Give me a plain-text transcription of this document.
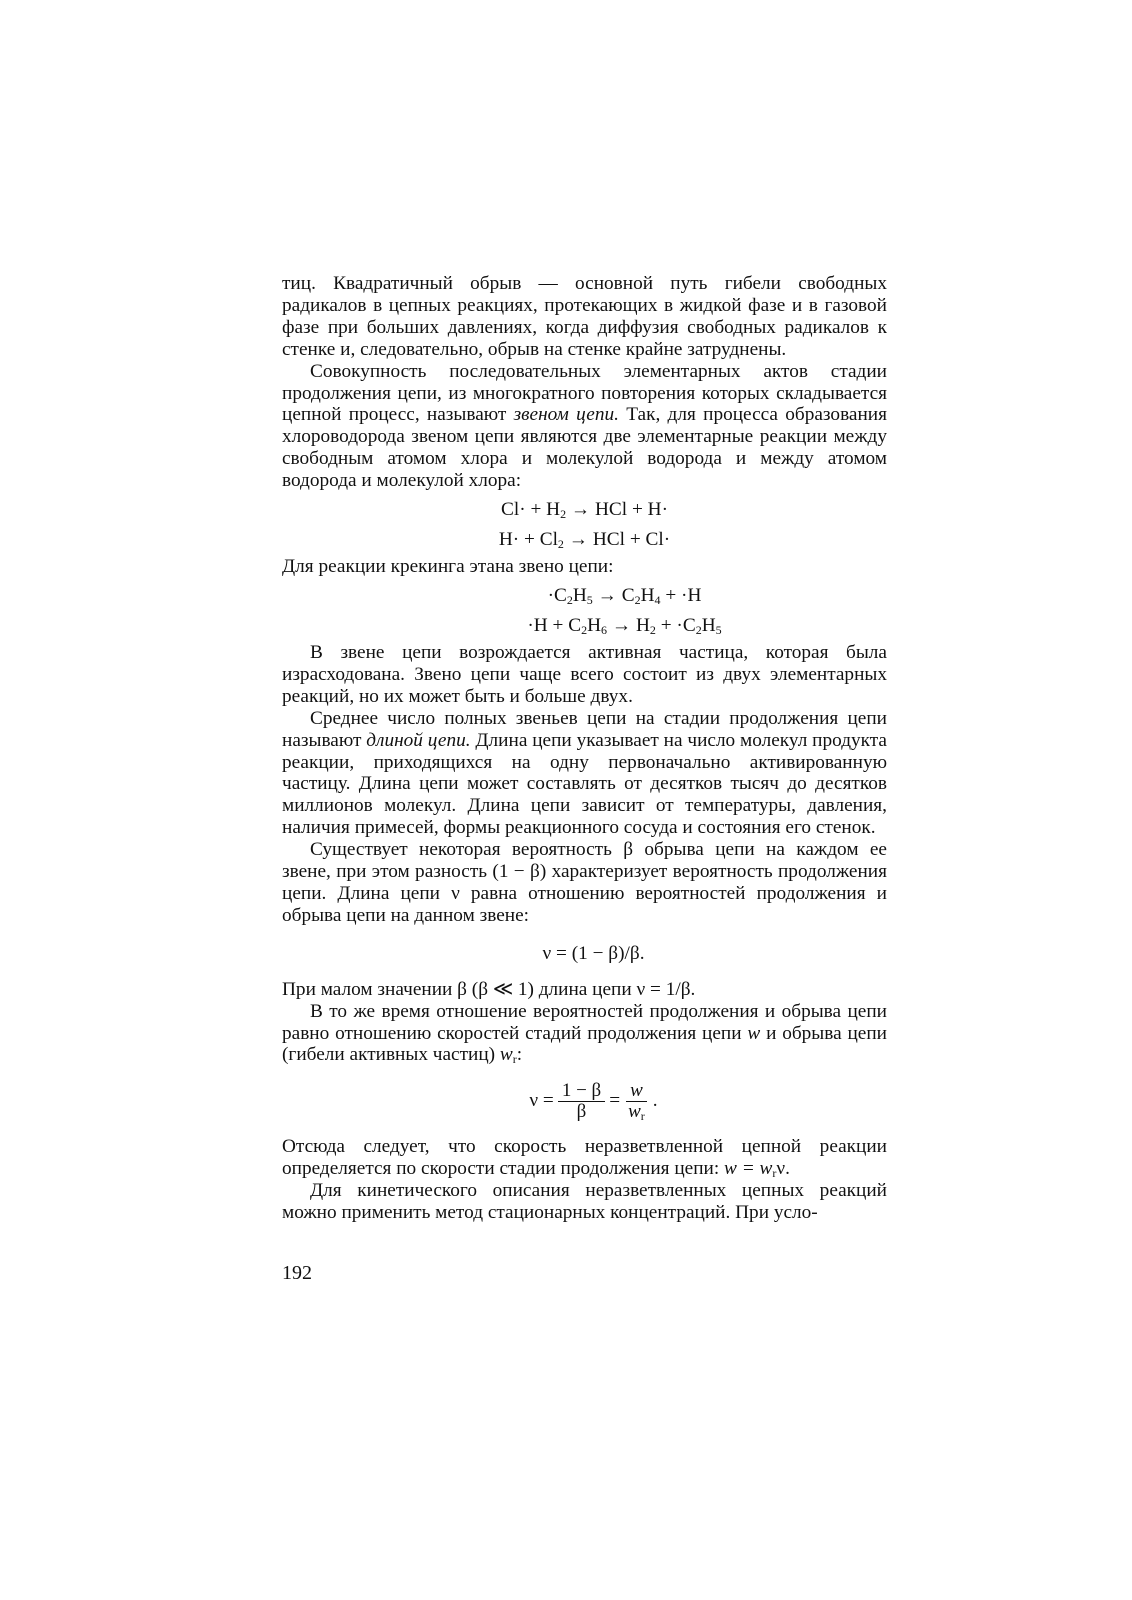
тиц. Квадратичный обрыв — основной путь гибели свободных радикалов в цепных реакциях, протекающих в жидкой фазе и в газовой фазе при больших давлениях, когда диффузия свободных радикалов к стенке и, следовательно, обрыв на стенке крайне затруднены.

Совокупность последовательных элементарных актов стадии продолжения цепи, из многократного повторения которых складывается цепной процесс, называют звеном цепи. Так, для процесса образования хлороводорода звеном цепи являются две элементарные реакции между свободным атомом хлора и молекулой водорода и между атомом водорода и молекулой хлора:

$Cl\cdot + H_2$ → HCl + H·

$H\cdot + Cl_2$ → HCl + Cl·

Для реакции крекинга этана звено цепи:

$\cdot C_2H_5 \to C_2H_4 + \cdot H$

$\cdot H + C_2H_6 \to H_2 + \cdot C_2H_5$

В звене цепи возрождается активная частица, которая была израсходована. Звено цепи чаще всего состоит из двух элементарных реакций, но их может быть и больше двух.

Среднее число полных звеньев цепи на стадии продолжения цепи называют длиной цепи. Длина цепи указывает на число молекул продукта реакции, приходящихся на одну первоначально активированную частицу. Длина цепи может составлять от десятков тысяч до десятков миллионов молекул. Длина цепи зависит от температуры, давления, наличия примесей, формы реакционного сосуда и состояния его стенок.

Существует некоторая вероятность β обрыва цепи на каждом ее звене, при этом разность (1 − β) характеризует вероятность продолжения цепи. Длина цепи ν равна отношению вероятностей продолжения и обрыва цепи на данном звене:

ν = (1 − β)/β.

При малом значении β (β ≪ 1) длина цепи ν = 1/β.

В то же время отношение вероятностей продолжения и обрыва цепи равно отношению скоростей стадий продолжения цепи w и обрыва цепи (гибели активных частиц) $w_r$:

$\nu = \frac{1 - \beta}{\beta} = \frac{w}{w_r}$ .

Отсюда следует, что скорость неразветвленной цепной реакции определяется по скорости стадии продолжения цепи: $w = w_r\nu$.

Для кинетического описания неразветвленных цепных реакций можно применить метод стационарных концентраций. При усло-

192
